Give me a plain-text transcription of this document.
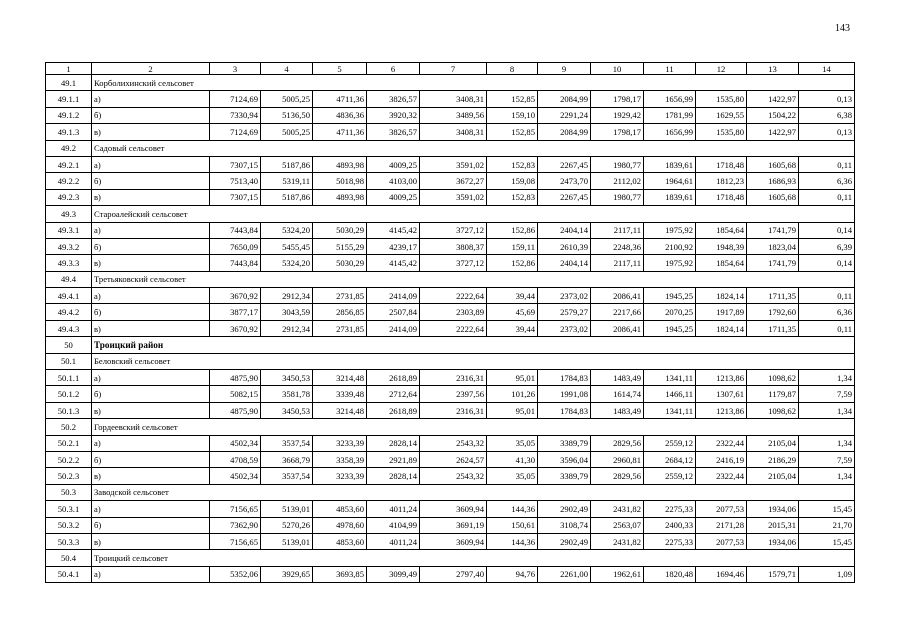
143
1	2	3	4	5	6	7	8	9	10	11	12	13	14
49.1	Корболихинский сельсовет												
49.1.1	а)	7124,69	5005,25	4711,36	3826,57	3408,31	152,85	2084,99	1798,17	1656,99	1535,80	1422,97	0,13
49.1.2	б)	7330,94	5136,50	4836,36	3920,32	3489,56	159,10	2291,24	1929,42	1781,99	1629,55	1504,22	6,38
49.1.3	в)	7124,69	5005,25	4711,36	3826,57	3408,31	152,85	2084,99	1798,17	1656,99	1535,80	1422,97	0,13
49.2	Садовый сельсовет												
49.2.1	а)	7307,15	5187,86	4893,98	4009,25	3591,02	152,83	2267,45	1980,77	1839,61	1718,48	1605,68	0,11
49.2.2	б)	7513,40	5319,11	5018,98	4103,00	3672,27	159,08	2473,70	2112,02	1964,61	1812,23	1686,93	6,36
49.2.3	в)	7307,15	5187,86	4893,98	4009,25	3591,02	152,83	2267,45	1980,77	1839,61	1718,48	1605,68	0,11
49.3	Староалейский сельсовет												
49.3.1	а)	7443,84	5324,20	5030,29	4145,42	3727,12	152,86	2404,14	2117,11	1975,92	1854,64	1741,79	0,14
49.3.2	б)	7650,09	5455,45	5155,29	4239,17	3808,37	159,11	2610,39	2248,36	2100,92	1948,39	1823,04	6,39
49.3.3	в)	7443,84	5324,20	5030,29	4145,42	3727,12	152,86	2404,14	2117,11	1975,92	1854,64	1741,79	0,14
49.4	Третьяковский сельсовет												
49.4.1	а)	3670,92	2912,34	2731,85	2414,09	2222,64	39,44	2373,02	2086,41	1945,25	1824,14	1711,35	0,11
49.4.2	б)	3877,17	3043,59	2856,85	2507,84	2303,89	45,69	2579,27	2217,66	2070,25	1917,89	1792,60	6,36
49.4.3	в)	3670,92	2912,34	2731,85	2414,09	2222,64	39,44	2373,02	2086,41	1945,25	1824,14	1711,35	0,11
50	Троицкий район												
50.1	Беловский сельсовет												
50.1.1	а)	4875,90	3450,53	3214,48	2618,89	2316,31	95,01	1784,83	1483,49	1341,11	1213,86	1098,62	1,34
50.1.2	б)	5082,15	3581,78	3339,48	2712,64	2397,56	101,26	1991,08	1614,74	1466,11	1307,61	1179,87	7,59
50.1.3	в)	4875,90	3450,53	3214,48	2618,89	2316,31	95,01	1784,83	1483,49	1341,11	1213,86	1098,62	1,34
50.2	Гордеевский сельсовет												
50.2.1	а)	4502,34	3537,54	3233,39	2828,14	2543,32	35,05	3389,79	2829,56	2559,12	2322,44	2105,04	1,34
50.2.2	б)	4708,59	3668,79	3358,39	2921,89	2624,57	41,30	3596,04	2960,81	2684,12	2416,19	2186,29	7,59
50.2.3	в)	4502,34	3537,54	3233,39	2828,14	2543,32	35,05	3389,79	2829,56	2559,12	2322,44	2105,04	1,34
50.3	Заводской сельсовет												
50.3.1	а)	7156,65	5139,01	4853,60	4011,24	3609,94	144,36	2902,49	2431,82	2275,33	2077,53	1934,06	15,45
50.3.2	б)	7362,90	5270,26	4978,60	4104,99	3691,19	150,61	3108,74	2563,07	2400,33	2171,28	2015,31	21,70
50.3.3	в)	7156,65	5139,01	4853,60	4011,24	3609,94	144,36	2902,49	2431,82	2275,33	2077,53	1934,06	15,45
50.4	Троицкий сельсовет												
50.4.1	а)	5352,06	3929,65	3693,85	3099,49	2797,40	94,76	2261,00	1962,61	1820,48	1694,46	1579,71	1,09
